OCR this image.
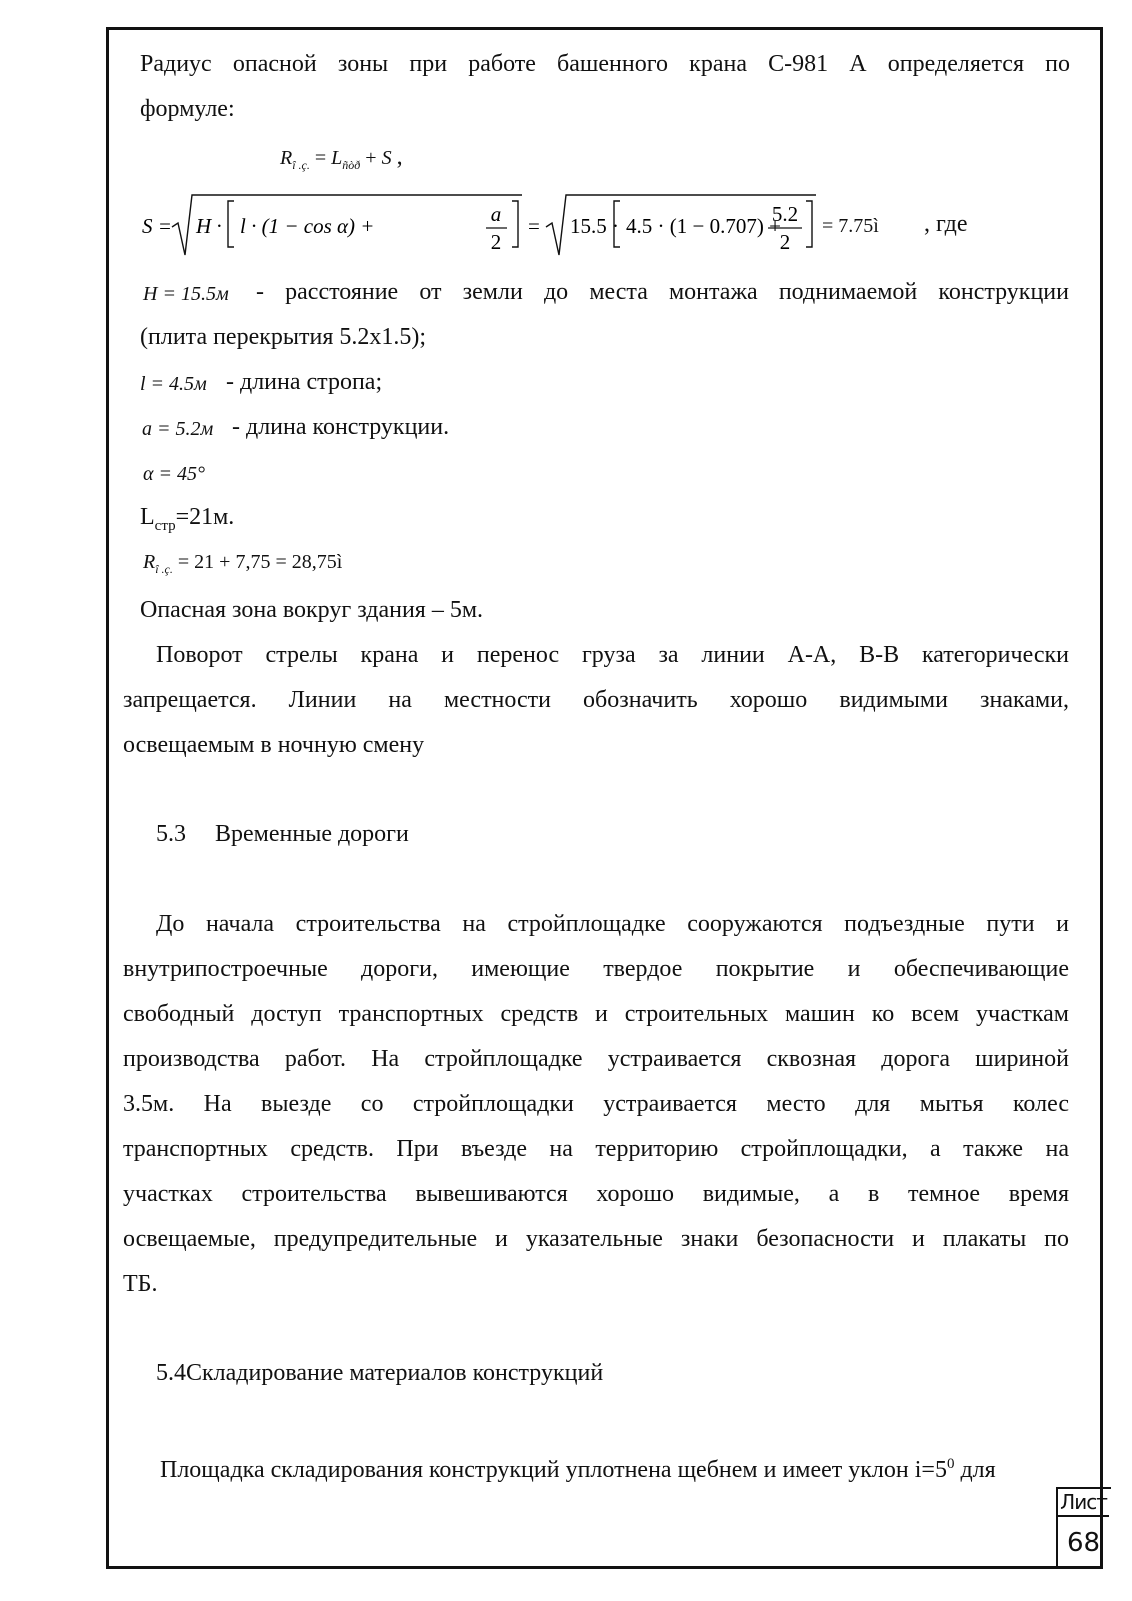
Радиус опасной зоны при работе башенного крана С-981 А определяется по
формуле:
$R_{î .ç.} = L_{ñòð} + S$ ,
S = H · l · (1 − cos α) +	a
2
= 15.5 · 4.5 · (1 − 0.707) +
5.2
2
= 7.75ì , где
H = 15.5м - расстояние от земли до места монтажа поднимаемой конструкции
(плита перекрытия 5.2х1.5);
l = 4.5м - длина стропа;
a = 5.2м - длина конструкции.
α = 45°
$L_{стр}=21м$.
$R_{î .ç.} = 21 + 7,75$ = 28,75ì
Опасная зона вокруг здания – 5м.
Поворот стрелы крана и перенос груза за линии А-А, В-В категорически
запрещается. Линии на местности обозначить хорошо видимыми знаками,
освещаемым в ночную смену
5.3 Временные дороги
До начала строительства на стройплощадке сооружаются подъездные пути и
внутрипостроечные дороги, имеющие твердое покрытие и обеспечивающие
свободный доступ транспортных средств и строительных машин ко всем участкам
производства работ. На стройплощадке устраивается сквозная дорога шириной
3.5м. На выезде со стройплощадки устраивается место для мытья колес
транспортных средств. При въезде на территорию стройплощадки, а также на
участках строительства вывешиваются хорошо видимые, а в темное время
освещаемые, предупредительные и указательные знаки безопасности и плакаты по
ТБ.
5.4Складирование материалов конструкций
Площадка складирования конструкций уплотнена щебнем и имеет уклон $i=5^0$ для
Лист
68
